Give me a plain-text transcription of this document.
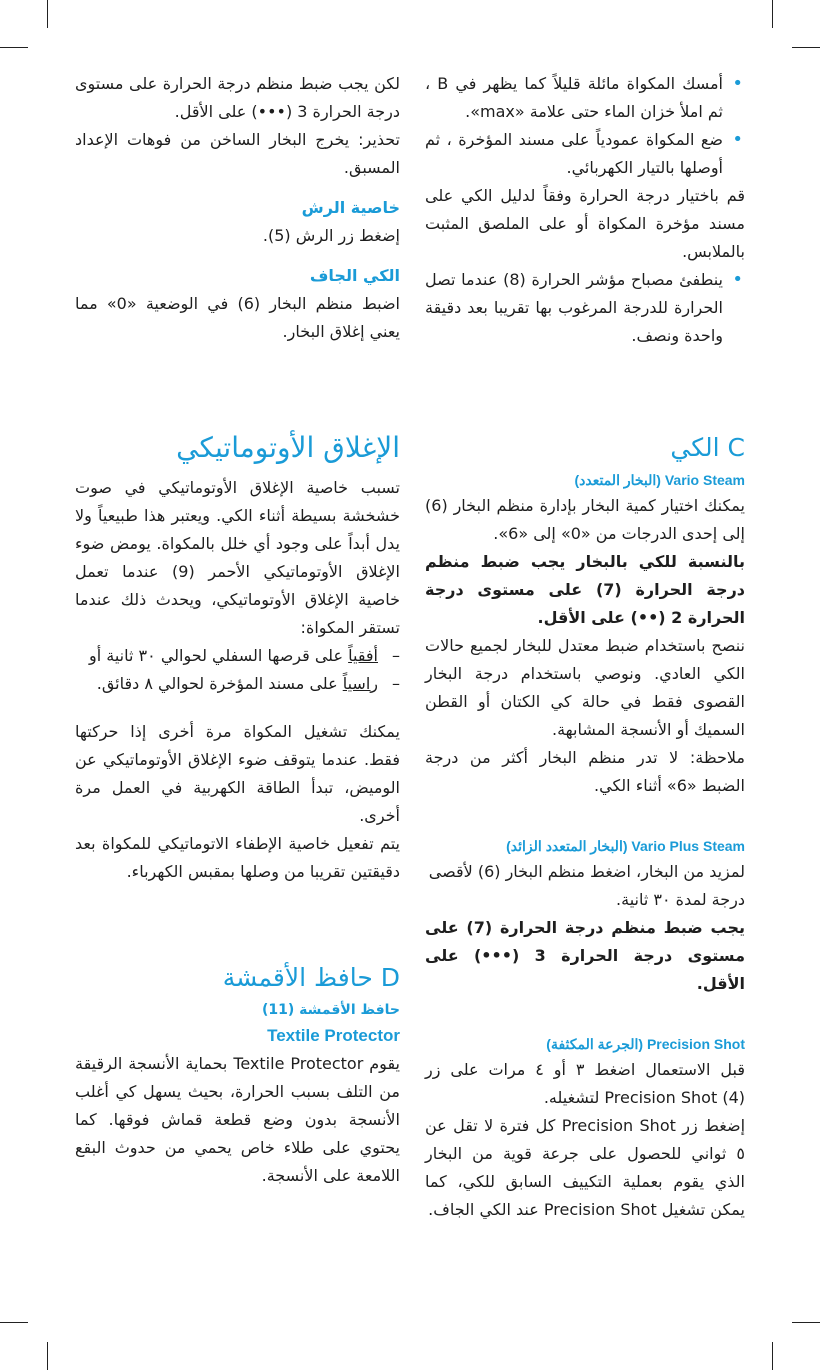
• أمسك المكواة مائلة قليلاً كما يظهر في B ، ثم املأ خزان الماء حتى علامة «max».
• ضع المكواة عمودياً على مسند المؤخرة ، ثم أوصلها بالتيار الكهربائي.

قم باختيار درجة الحرارة وفقاً لدليل الكي على مسند مؤخرة المكواة أو على الملصق المثبت بالملابس.

• ينطفئ مصباح مؤشر الحرارة (8) عندما تصل الحرارة للدرجة المرغوب بها تقريبا بعد دقيقة واحدة ونصف.

لكن يجب ضبط منظم درجة الحرارة على مستوى درجة الحرارة 3 (•••) على الأقل.

تحذير: يخرج البخار الساخن من فوهات الإعداد المسبق.

خاصية الرش

إضغط زر الرش (5).

الكي الجاف

اضبط منظم البخار (6) في الوضعية «0» مما يعني إغلاق البخار.

C الكي

Vario Steam (البخار المتعدد)

يمكنك اختيار كمية البخار بإدارة منظم البخار (6) إلى إحدى الدرجات من «0» إلى «6».

بالنسبة للكي بالبخار يجب ضبط منظم درجة الحرارة (7) على مستوى درجة الحرارة 2 (••) على الأقل.

ننصح باستخدام ضبط معتدل للبخار لجميع حالات الكي العادي. ونوصي باستخدام درجة البخار القصوى فقط في حالة كي الكتان أو القطن السميك أو الأنسجة المشابهة.

ملاحظة: لا تدر منظم البخار أكثر من درجة الضبط «6» أثناء الكي.

Vario Plus Steam (البخار المتعدد الزائد)

لمزيد من البخار، اضغط منظم البخار (6) لأقصى درجة لمدة ٣٠ ثانية.

يجب ضبط منظم درجة الحرارة (7) على مستوى درجة الحرارة 3 (•••) على الأقل.

Precision Shot (الجرعة المكثفة)

قبل الاستعمال اضغط ٣ أو ٤ مرات على زر Precision Shot (4) لتشغيله.

إضغط زر Precision Shot كل فترة لا تقل عن ٥ ثواني للحصول على جرعة قوية من البخار الذي يقوم بعملية التكييف السابق للكي، كما يمكن تشغيل Precision Shot عند الكي الجاف.

الإغلاق الأوتوماتيكي

تسبب خاصية الإغلاق الأوتوماتيكي في صوت خشخشة بسيطة أثناء الكي. ويعتبر هذا طبيعياً ولا يدل أبداً على وجود أي خلل بالمكواة. يومض ضوء الإغلاق الأوتوماتيكي الأحمر (9) عندما تعمل خاصية الإغلاق الأوتوماتيكي، ويحدث ذلك عندما تستقر المكواة:

– أفقياً على قرصها السفلي لحوالي ٣٠ ثانية أو
– راسياً على مسند المؤخرة لحوالي ٨ دقائق.

يمكنك تشغيل المكواة مرة أخرى إذا حركتها فقط. عندما يتوقف ضوء الإغلاق الأوتوماتيكي عن الوميض، تبدأ الطاقة الكهربية في العمل مرة أخرى.

يتم تفعيل خاصية الإطفاء الاتوماتيكي للمكواة بعد دقيقتين تقريبا من وصلها بمقبس الكهرباء.

D حافظ الأقمشة

حافظ الأقمشة (11)

Textile Protector

يقوم Textile Protector بحماية الأنسجة الرقيقة من التلف بسبب الحرارة، بحيث يسهل كي أغلب الأنسجة بدون وضع قطعة قماش فوقها. كما يحتوي على طلاء خاص يحمي من حدوث البقع اللامعة على الأنسجة.
